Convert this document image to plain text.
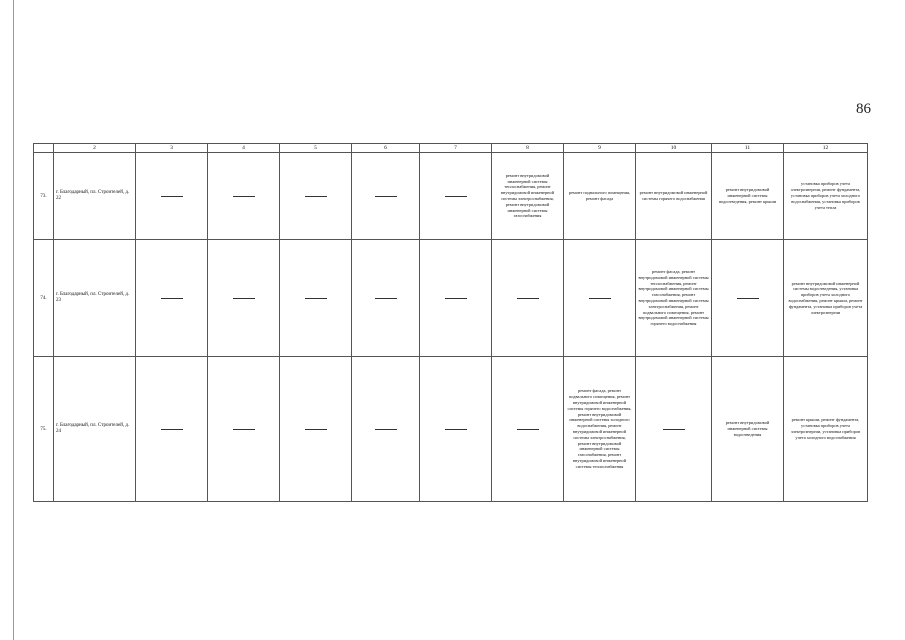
86
	2	3	4	5	6	7	8	9	10	11	12
73.	г. Благодарный, пл. Строителей, д. 22						ремонт внутридомовой инженерной системы теплоснабжения, ремонт внутридомовой инженерной системы электроснабжения, ремонт внутридомовой инженерной системы газоснабжения	ремонт подвального помещения, ремонт фасада	ремонт внутридомовой инженерной системы горячего водоснабжения	ремонт внутридомовой инженерной системы водоотведения, ремонт крыши	установка приборов учета электроэнергии, ремонт фундамента, установка приборов учета холодного водоснабжения, установка приборов учета тепла
74.	г. Благодарный, пл. Строителей, д. 23								ремонт фасада, ремонт внутридомовой инженерной системы теплоснабжения, ремонт внутридомовой инженерной системы газоснабжения, ремонт внутридомовой инженерной системы электроснабжения, ремонт подвального помещения, ремонт внутридомовой инженерной системы горячего водоснабжения		ремонт внутридомовой инженерной системы водоотведения, установка приборов учета холодного водоснабжения, ремонт крыши, ремонт фундамента, установка приборов учета электроэнергии
75.	г. Благодарный, пл. Строителей, д. 24							ремонт фасада, ремонт подвального помещения, ремонт внутридомовой инженерной системы горячего водоснабжения, ремонт внутридомовой инженерной системы холодного водоснабжения, ремонт внутридомовой инженерной системы электроснабжения, ремонт внутридомовой инженерной системы газоснабжения, ремонт внутридомовой инженерной системы теплоснабжения		ремонт внутридомовой инженерной системы водоотведения	ремонт крыши, ремонт фундамента, установка приборов учета электроэнергии, установка приборов учета холодного водоснабжения
